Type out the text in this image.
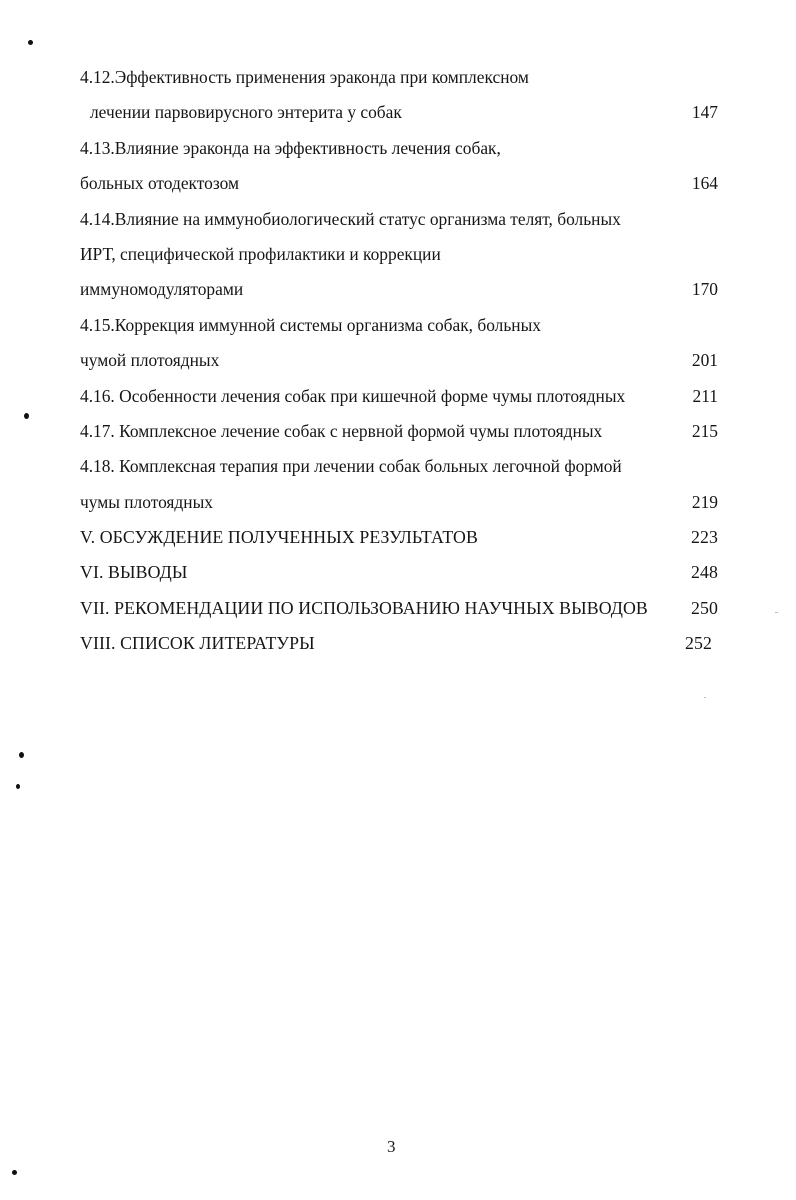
4.12.Эффективность применения эраконда при комплексном
лечении парвовирусного энтерита у собак	147
4.13.Влияние эраконда на эффективность лечения собак,
больных отодектозом	164
4.14.Влияние на иммунобиологический статус организма телят, больных
ИРТ, специфической профилактики и коррекции
иммуномодуляторами	170
4.15.Коррекция иммунной системы организма собак, больных
чумой плотоядных	201
4.16. Особенности лечения собак при кишечной форме чумы плотоядных	211
4.17. Комплексное лечение собак с нервной формой чумы плотоядных	215
4.18. Комплексная терапия при лечении собак больных легочной формой
чумы плотоядных	219
V. ОБСУЖДЕНИЕ ПОЛУЧЕННЫХ РЕЗУЛЬТАТОВ	223
VI. ВЫВОДЫ	248
VII. РЕКОМЕНДАЦИИ ПО ИСПОЛЬЗОВАНИЮ НАУЧНЫХ ВЫВОДОВ 250
VIII. СПИСОК ЛИТЕРАТУРЫ	252
3
